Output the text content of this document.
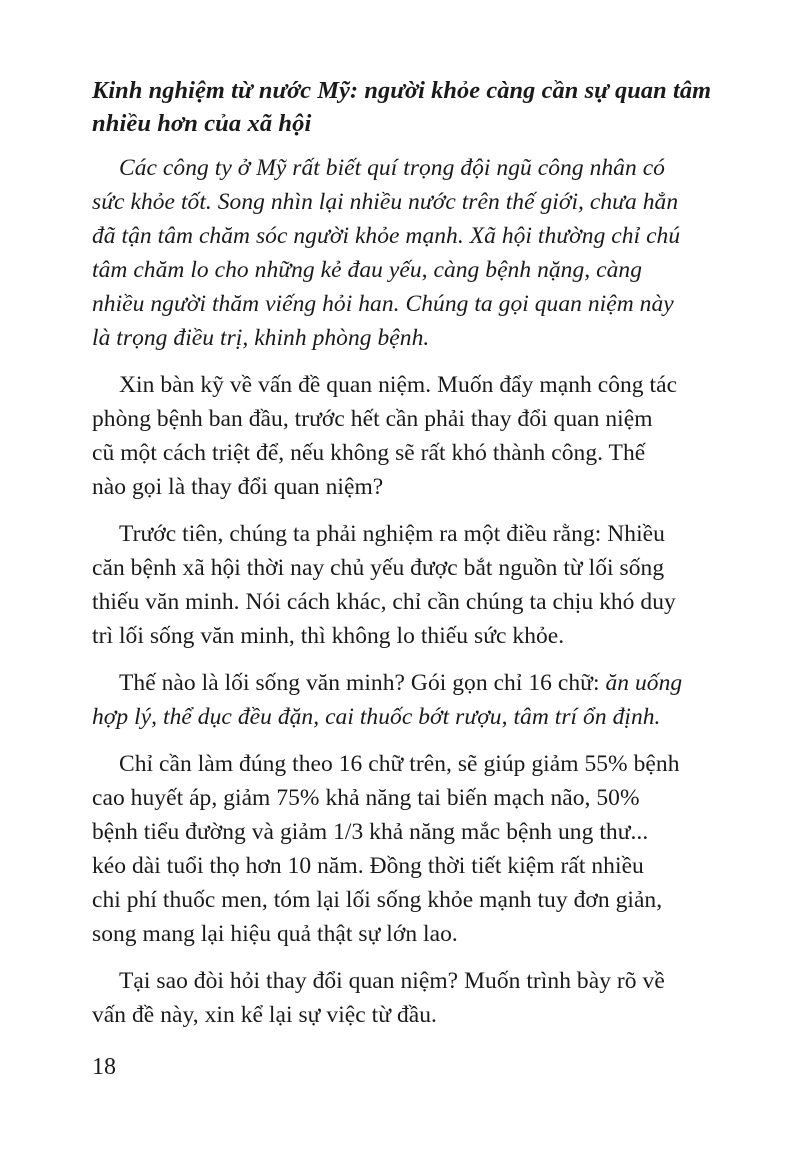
Kinh nghiệm từ nước Mỹ: người khỏe càng cần sự quan tâm
nhiều hơn của xã hội
Các công ty ở Mỹ rất biết quí trọng đội ngũ công nhân có
sức khỏe tốt. Song nhìn lại nhiều nước trên thế giới, chưa hẳn
đã tận tâm chăm sóc người khỏe mạnh. Xã hội thường chỉ chú
tâm chăm lo cho những kẻ đau yếu, càng bệnh nặng, càng
nhiều người thăm viếng hỏi han. Chúng ta gọi quan niệm này
là trọng điều trị, khinh phòng bệnh.
Xin bàn kỹ về vấn đề quan niệm. Muốn đẩy mạnh công tác
phòng bệnh ban đầu, trước hết cần phải thay đổi quan niệm
cũ một cách triệt để, nếu không sẽ rất khó thành công. Thế
nào gọi là thay đổi quan niệm?
Trước tiên, chúng ta phải nghiệm ra một điều rằng: Nhiều
căn bệnh xã hội thời nay chủ yếu được bắt nguồn từ lối sống
thiếu văn minh. Nói cách khác, chỉ cần chúng ta chịu khó duy
trì lối sống văn minh, thì không lo thiếu sức khỏe.
Thế nào là lối sống văn minh? Gói gọn chỉ 16 chữ: ăn uống
hợp lý, thể dục đều đặn, cai thuốc bớt rượu, tâm trí ổn định.
Chỉ cần làm đúng theo 16 chữ trên, sẽ giúp giảm 55% bệnh
cao huyết áp, giảm 75% khả năng tai biến mạch não, 50%
bệnh tiểu đường và giảm 1/3 khả năng mắc bệnh ung thư...
kéo dài tuổi thọ hơn 10 năm. Đồng thời tiết kiệm rất nhiều
chi phí thuốc men, tóm lại lối sống khỏe mạnh tuy đơn giản,
song mang lại hiệu quả thật sự lớn lao.
Tại sao đòi hỏi thay đổi quan niệm? Muốn trình bày rõ về
vấn đề này, xin kể lại sự việc từ đầu.
18
